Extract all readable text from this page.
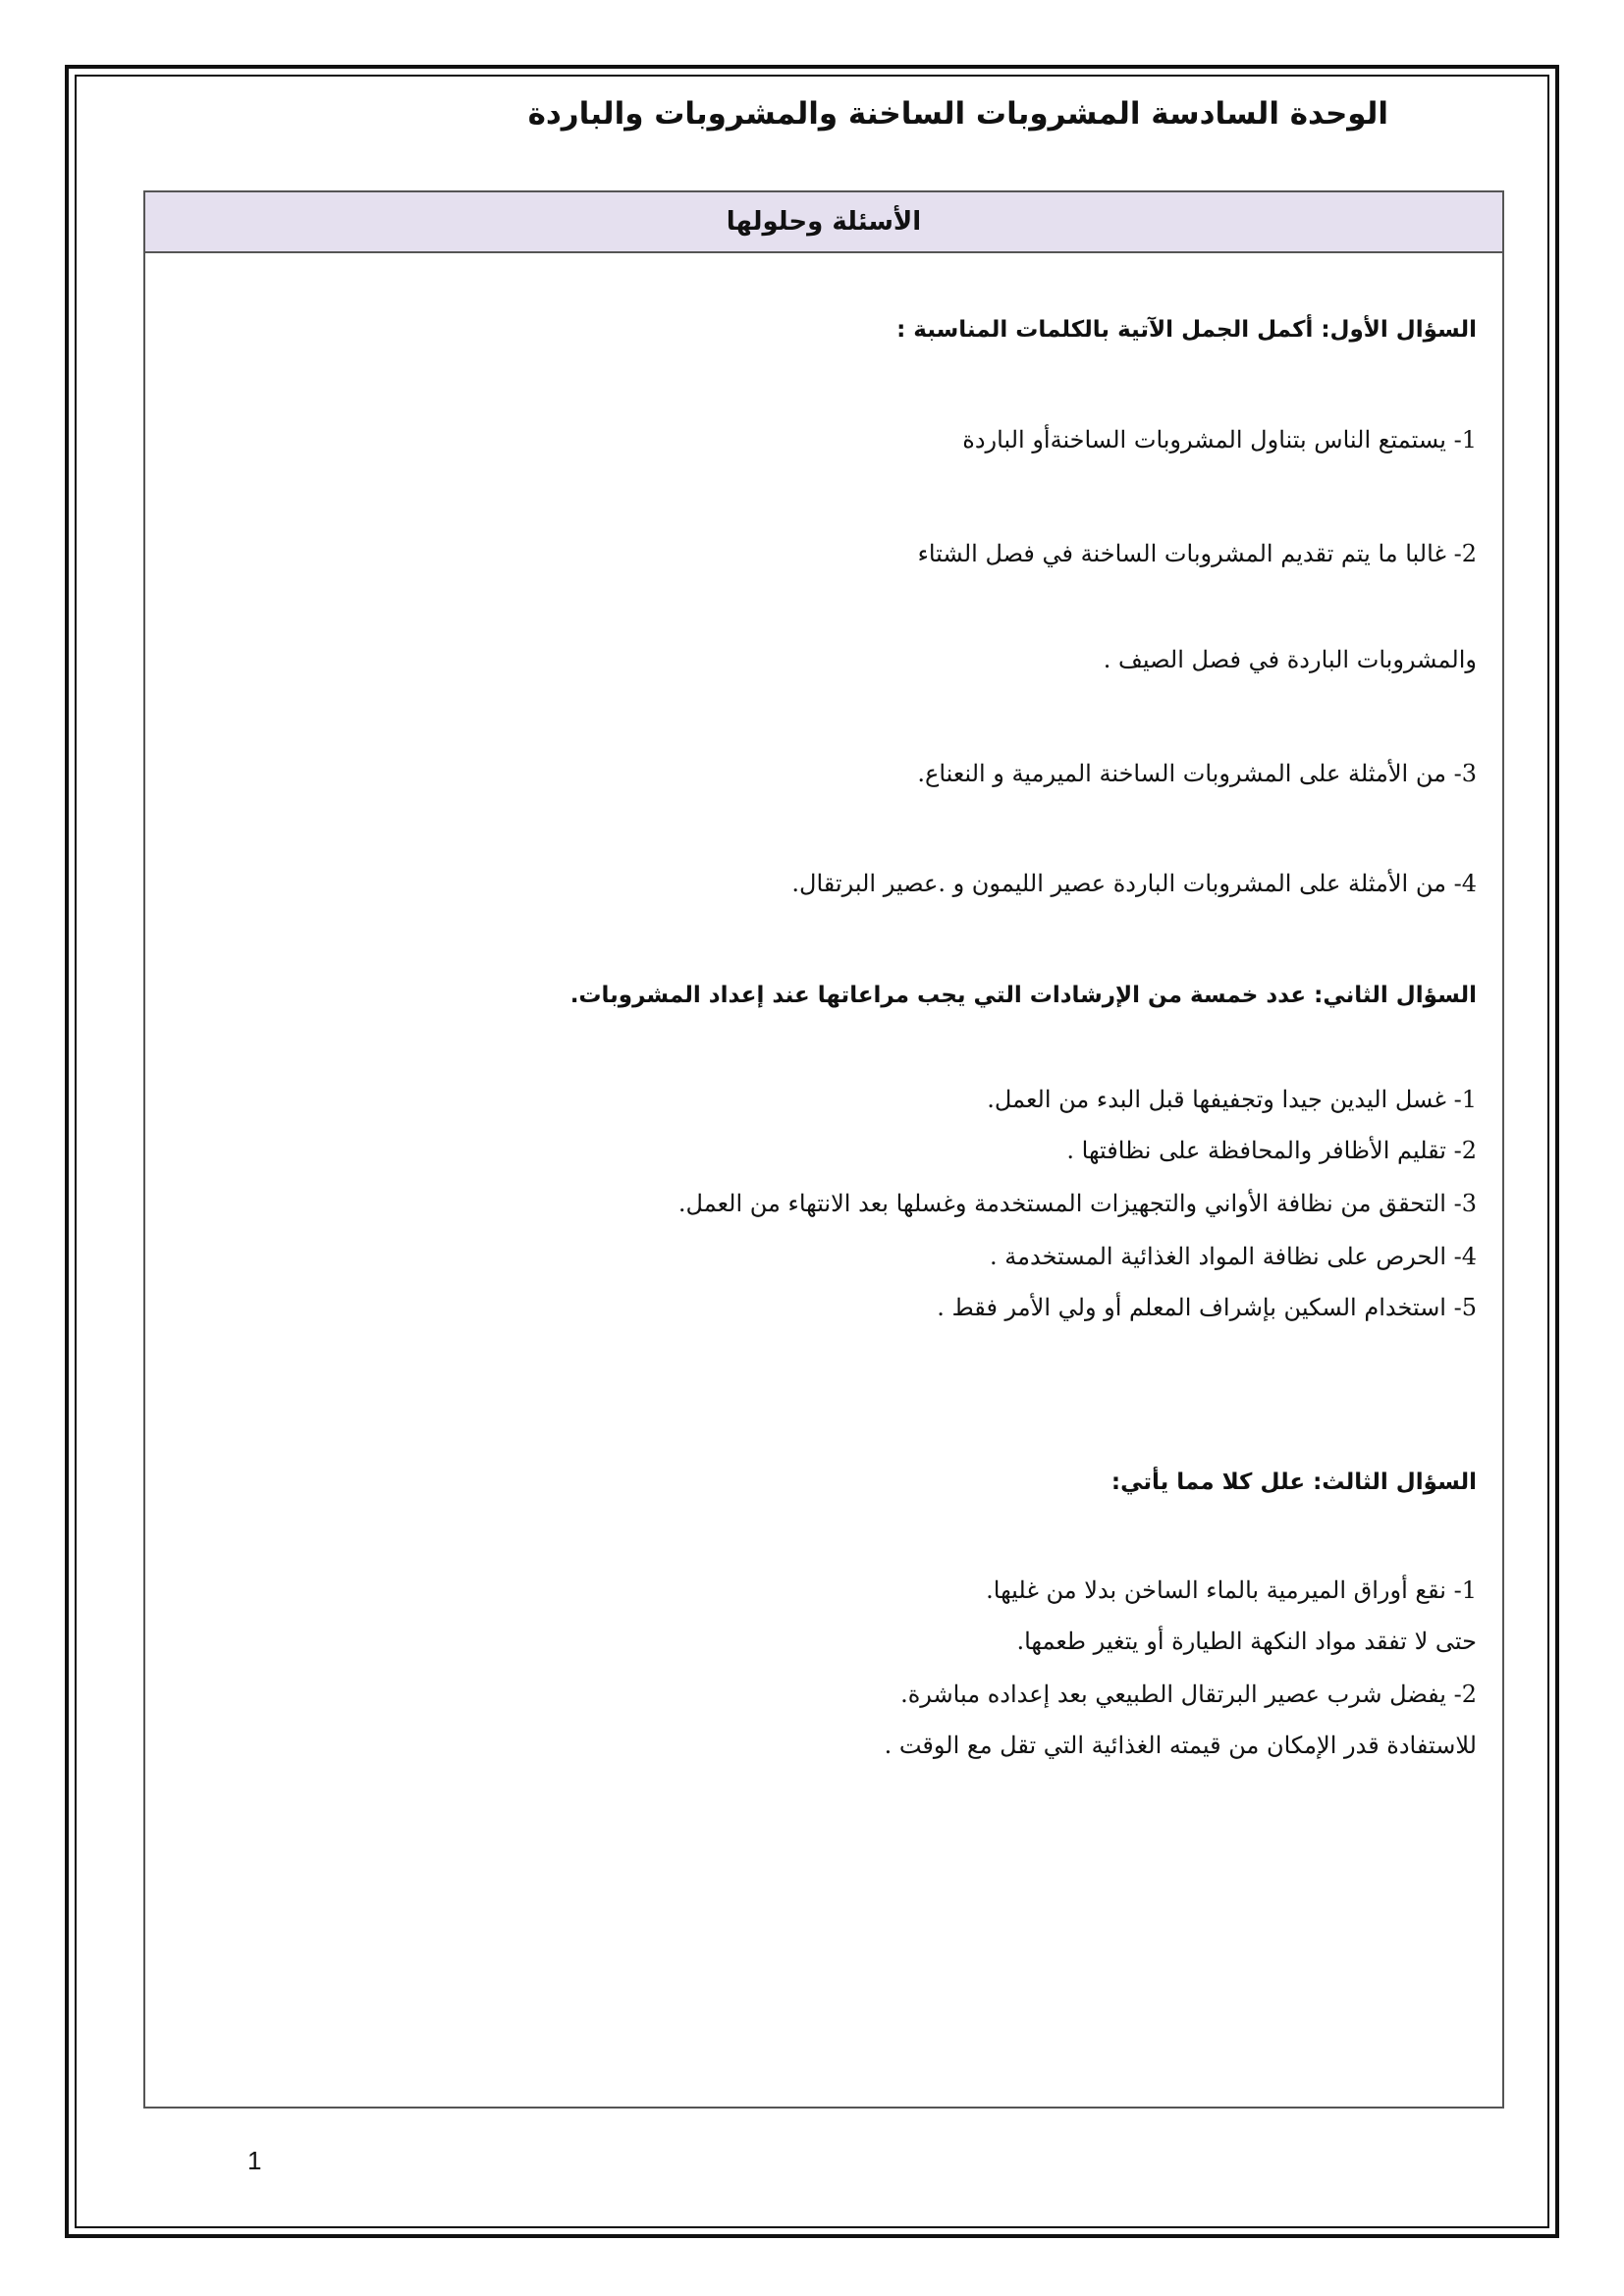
الوحدة السادسة المشروبات الساخنة والمشروبات والباردة
الأسئلة وحلولها
السؤال الأول: أكمل الجمل الآتية بالكلمات المناسبة :
1- يستمتع الناس بتناول المشروبات الساخنةأو الباردة
2- غالبا ما يتم تقديم المشروبات الساخنة في فصل الشتاء
والمشروبات الباردة في فصل الصيف .
3- من الأمثلة على المشروبات الساخنة الميرمية و النعناع.
4- من الأمثلة على المشروبات الباردة عصير الليمون و .عصير البرتقال.
السؤال الثاني: عدد خمسة من الإرشادات التي يجب مراعاتها عند إعداد المشروبات.
1- غسل اليدين جيدا وتجفيفها قبل البدء من العمل.
2- تقليم الأظافر والمحافظة على نظافتها .
3- التحقق من نظافة الأواني والتجهيزات المستخدمة وغسلها بعد الانتهاء من العمل.
4- الحرص على نظافة المواد الغذائية المستخدمة .
5- استخدام السكين بإشراف المعلم أو ولي الأمر فقط .
السؤال الثالث: علل كلا مما يأتي:
1- نقع أوراق الميرمية بالماء الساخن بدلا من غليها.
حتى لا تفقد مواد النكهة الطيارة أو يتغير طعمها.
2- يفضل شرب عصير البرتقال الطبيعي بعد إعداده مباشرة.
للاستفادة قدر الإمكان من قيمته الغذائية التي تقل مع الوقت .
1
